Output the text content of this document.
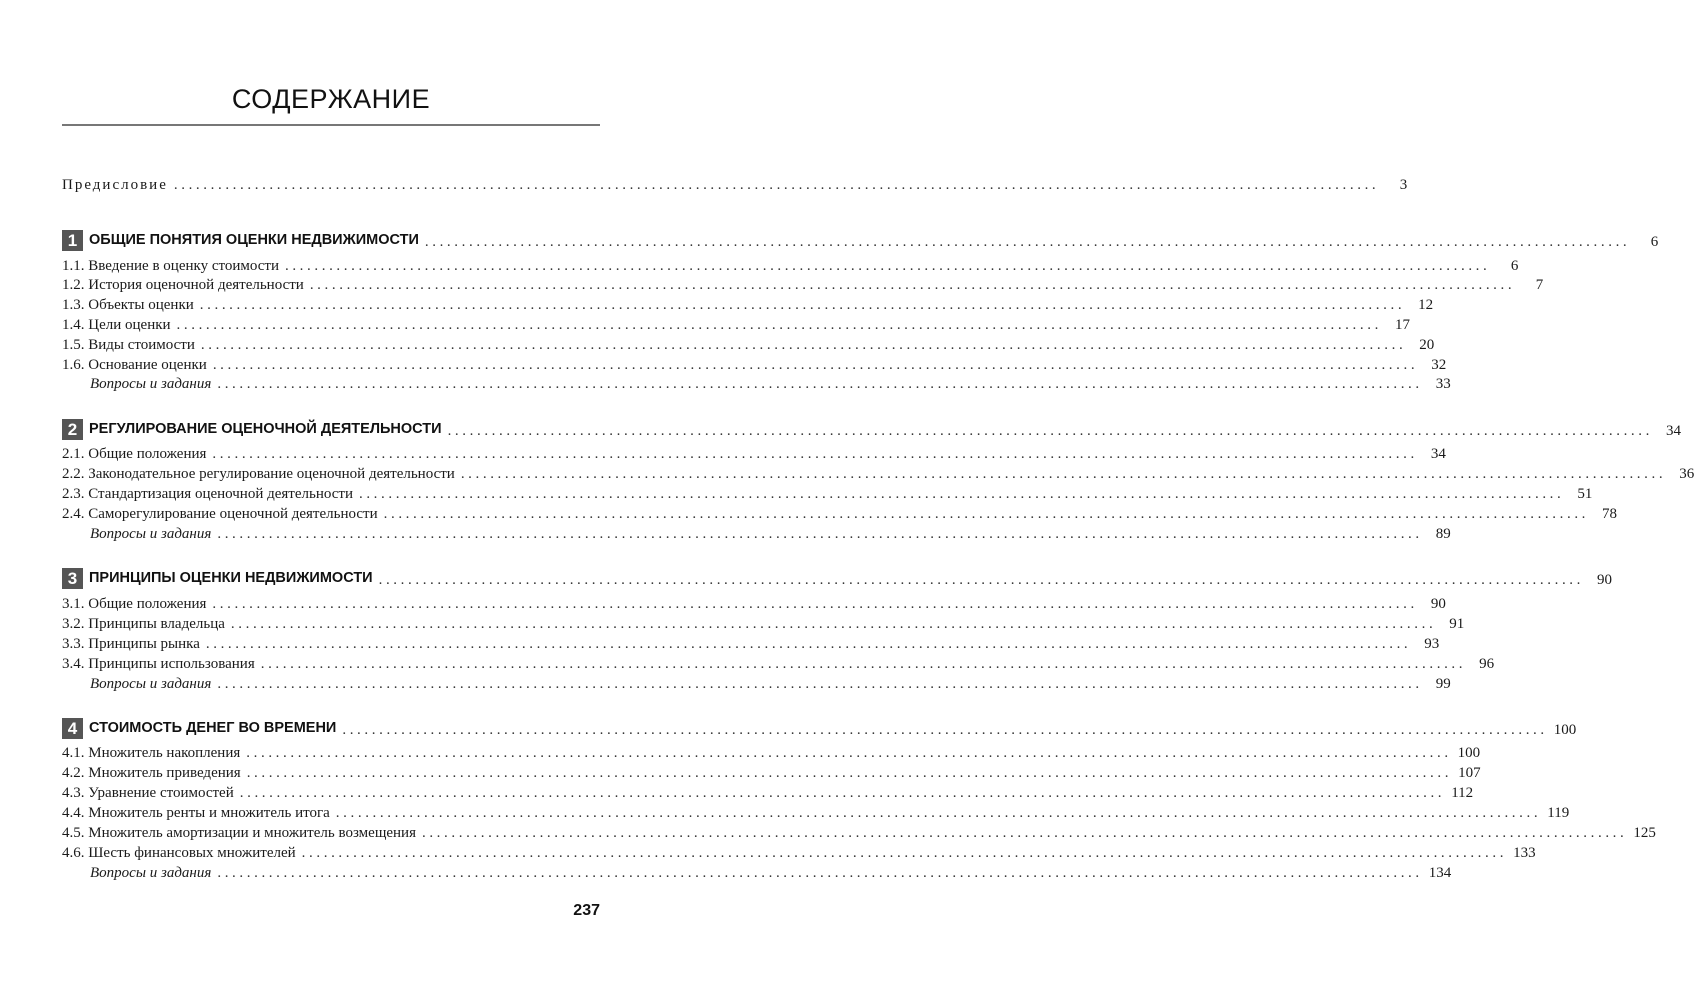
СОДЕРЖАНИЕ
Предисловие ....................................................................................................................................................................	3
1 ОБЩИЕ ПОНЯТИЯ ОЦЕНКИ НЕДВИЖИМОСТИ ....................................................................................................................................................................	6
1.1. Введение в оценку стоимости ....................................................................................................................................................................	6
1.2. История оценочной деятельности ....................................................................................................................................................................	7
1.3. Объекты оценки .................................................................................................................................................................... 12
1.4. Цели оценки .................................................................................................................................................................... 17
1.5. Виды стоимости .................................................................................................................................................................... 20
1.6. Основание оценки .................................................................................................................................................................... 32
Вопросы и задания .................................................................................................................................................................... 33
2 РЕГУЛИРОВАНИЕ ОЦЕНОЧНОЙ ДЕЯТЕЛЬНОСТИ .................................................................................................................................................................... 34
2.1. Общие положения .................................................................................................................................................................... 34
2.2. Законодательное регулирование оценочной деятельности .................................................................................................................................................................... 36
2.3. Стандартизация оценочной деятельности .................................................................................................................................................................... 51
2.4. Саморегулирование оценочной деятельности .................................................................................................................................................................... 78
Вопросы и задания .................................................................................................................................................................... 89
3 ПРИНЦИПЫ ОЦЕНКИ НЕДВИЖИМОСТИ .................................................................................................................................................................... 90
3.1. Общие положения .................................................................................................................................................................... 90
3.2. Принципы владельца .................................................................................................................................................................... 91
3.3. Принципы рынка .................................................................................................................................................................... 93
3.4. Принципы использования .................................................................................................................................................................... 96
Вопросы и задания .................................................................................................................................................................... 99
4 СТОИМОСТЬ ДЕНЕГ ВО ВРЕМЕНИ .................................................................................................................................................................... 100
4.1. Множитель накопления .................................................................................................................................................................... 100
4.2. Множитель приведения .................................................................................................................................................................... 107
4.3. Уравнение стоимостей .................................................................................................................................................................... 112
4.4. Множитель ренты и множитель итога .................................................................................................................................................................... 119
4.5. Множитель амортизации и множитель возмещения .................................................................................................................................................................... 125
4.6. Шесть финансовых множителей .................................................................................................................................................................... 133
Вопросы и задания .................................................................................................................................................................... 134
237
